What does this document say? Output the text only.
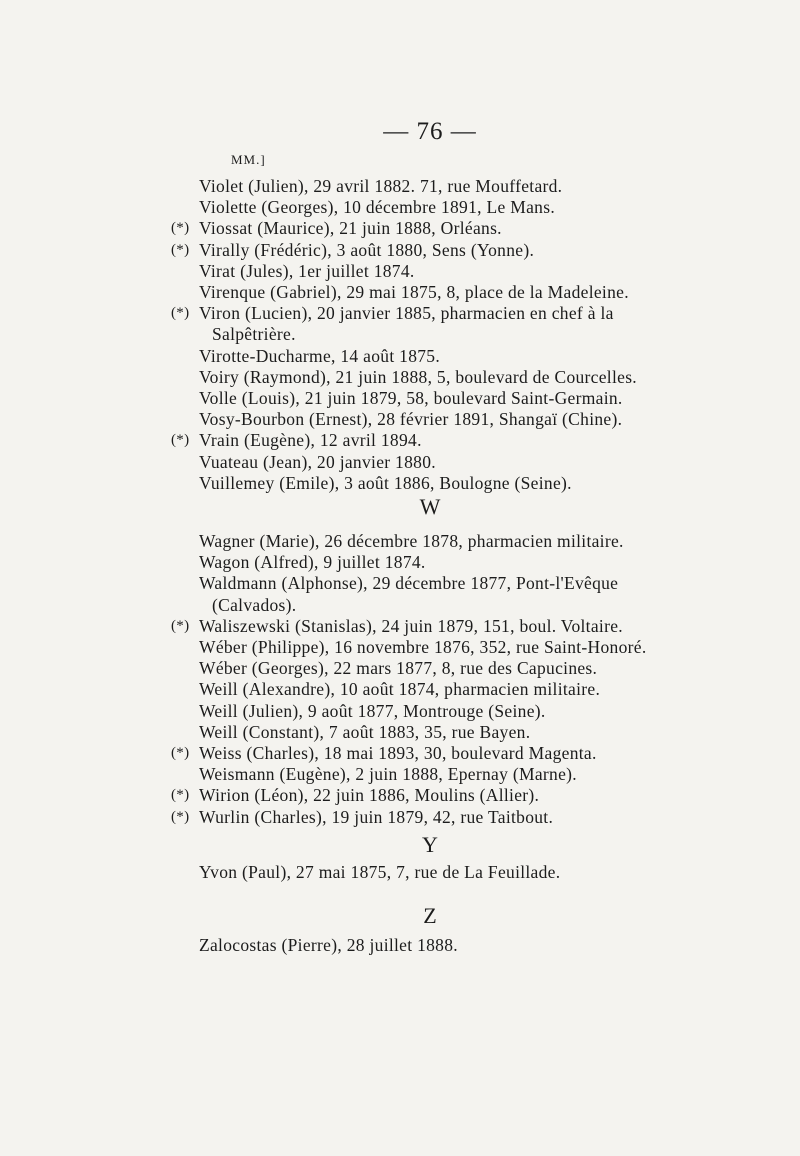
— 76 —
MM.]
Violet (Julien), 29 avril 1882. 71, rue Mouffetard.
Violette (Georges), 10 décembre 1891, Le Mans.
(*) Viossat (Maurice), 21 juin 1888, Orléans.
(*) Virally (Frédéric), 3 août 1880, Sens (Yonne).
Virat (Jules), 1er juillet 1874.
Virenque (Gabriel), 29 mai 1875, 8, place de la Madeleine.
(*) Viron (Lucien), 20 janvier 1885, pharmacien en chef à la
Salpêtrière.
Virotte-Ducharme, 14 août 1875.
Voiry (Raymond), 21 juin 1888, 5, boulevard de Courcelles.
Volle (Louis), 21 juin 1879, 58, boulevard Saint-Germain.
Vosy-Bourbon (Ernest), 28 février 1891, Shangaï (Chine).
(*) Vrain (Eugène), 12 avril 1894.
Vuateau (Jean), 20 janvier 1880.
Vuillemey (Emile), 3 août 1886, Boulogne (Seine).
W
Wagner (Marie), 26 décembre 1878, pharmacien militaire.
Wagon (Alfred), 9 juillet 1874.
Waldmann (Alphonse), 29 décembre 1877, Pont-l'Evêque
(Calvados).
(*) Waliszewski (Stanislas), 24 juin 1879, 151, boul. Voltaire.
Wéber (Philippe), 16 novembre 1876, 352, rue Saint-Honoré.
Wéber (Georges), 22 mars 1877, 8, rue des Capucines.
Weill (Alexandre), 10 août 1874, pharmacien militaire.
Weill (Julien), 9 août 1877, Montrouge (Seine).
Weill (Constant), 7 août 1883, 35, rue Bayen.
(*) Weiss (Charles), 18 mai 1893, 30, boulevard Magenta.
Weismann (Eugène), 2 juin 1888, Epernay (Marne).
(*) Wirion (Léon), 22 juin 1886, Moulins (Allier).
(*) Wurlin (Charles), 19 juin 1879, 42, rue Taitbout.
Y
Yvon (Paul), 27 mai 1875, 7, rue de La Feuillade.
Z
Zalocostas (Pierre), 28 juillet 1888.
